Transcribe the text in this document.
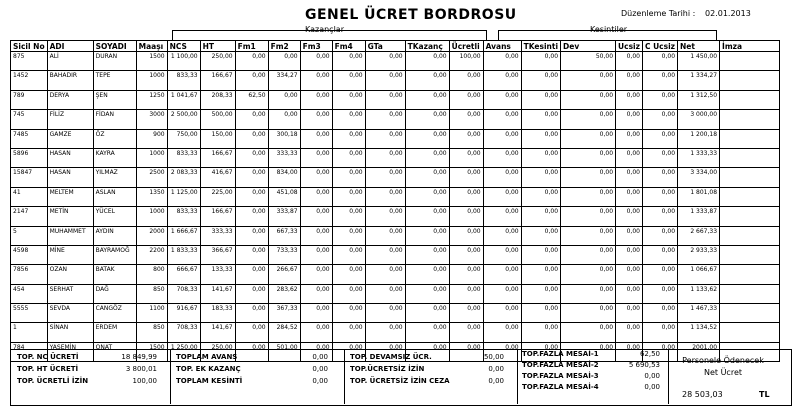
GENEL ÜCRET BORDROSU	Düzenleme Tarihi : 02.01.2013
Kazançlar	Kesintiler
Sicil No	ADI	SOYADI	Maaşı	NCS	HT	Fm1	Fm2	Fm3	Fm4	GTa	TKazanç	Ücretli	Avans	TKesinti	Dev	Ucsiz	C Ucsiz	Net	İmza
875	ALİ	DURAN	1500	1 100,00	250,00	0,00	0,00	0,00	0,00	0,00	0,00	100,00	0,00	0,00	50,00	0,00	0,00	1 450,00	
1452	BAHADIR	TEPE	1000	833,33	166,67	0,00	334,27	0,00	0,00	0,00	0,00	0,00	0,00	0,00	0,00	0,00	0,00	1 334,27	
789	DERYA	ŞEN	1250	1 041,67	208,33	62,50	0,00	0,00	0,00	0,00	0,00	0,00	0,00	0,00	0,00	0,00	0,00	1 312,50	
745	FİLİZ	FİDAN	3000	2 500,00	500,00	0,00	0,00	0,00	0,00	0,00	0,00	0,00	0,00	0,00	0,00	0,00	0,00	3 000,00	
7485	GAMZE	ÖZ	900	750,00	150,00	0,00	300,18	0,00	0,00	0,00	0,00	0,00	0,00	0,00	0,00	0,00	0,00	1 200,18	
5896	HASAN	KAYRA	1000	833,33	166,67	0,00	333,33	0,00	0,00	0,00	0,00	0,00	0,00	0,00	0,00	0,00	0,00	1 333,33	
15847	HASAN	YILMAZ	2500	2 083,33	416,67	0,00	834,00	0,00	0,00	0,00	0,00	0,00	0,00	0,00	0,00	0,00	0,00	3 334,00	
41	MELTEM	ASLAN	1350	1 125,00	225,00	0,00	451,08	0,00	0,00	0,00	0,00	0,00	0,00	0,00	0,00	0,00	0,00	1 801,08	
2147	METİN	YÜCEL	1000	833,33	166,67	0,00	333,87	0,00	0,00	0,00	0,00	0,00	0,00	0,00	0,00	0,00	0,00	1 333,87	
5	MUHAMMET	AYDIN	2000	1 666,67	333,33	0,00	667,33	0,00	0,00	0,00	0,00	0,00	0,00	0,00	0,00	0,00	0,00	2 667,33	
4598	MİNE	BAYRAMOĞ	2200	1 833,33	366,67	0,00	733,33	0,00	0,00	0,00	0,00	0,00	0,00	0,00	0,00	0,00	0,00	2 933,33	
7856	OZAN	BATAK	800	666,67	133,33	0,00	266,67	0,00	0,00	0,00	0,00	0,00	0,00	0,00	0,00	0,00	0,00	1 066,67	
454	SERHAT	DAĞ	850	708,33	141,67	0,00	283,62	0,00	0,00	0,00	0,00	0,00	0,00	0,00	0,00	0,00	0,00	1 133,62	
5555	SEVDA	CANGÖZ	1100	916,67	183,33	0,00	367,33	0,00	0,00	0,00	0,00	0,00	0,00	0,00	0,00	0,00	0,00	1 467,33	
1	SİNAN	ERDEM	850	708,33	141,67	0,00	284,52	0,00	0,00	0,00	0,00	0,00	0,00	0,00	0,00	0,00	0,00	1 134,52	
784	YASEMİN	ONAT	1500	1 250,00	250,00	0,00	501,00	0,00	0,00	0,00	0,00	0,00	0,00	0,00	0,00	0,00	0,00	2001,00	
TOP. NC ÜCRETİ	18 849,99
TOP. HT ÜCRETİ	3 800,01
TOP. ÜCRETLİ İZİN	100,00
TOPLAM AVANS	0,00
TOP. EK KAZANÇ	0,00
TOPLAM KESİNTİ	0,00
TOP. DEVAMSIZ ÜCR.	50,00
TOP.ÜCRETSİZ İZİN	0,00
TOP. ÜCRETSİZ İZİN CEZA	0,00
TOP.FAZLA MESAİ-1	62,50
TOP.FAZLA MESAİ-2	5 690,53
TOP.FAZLA MESAİ-3	0,00
TOP.FAZLA MESAİ-4	0,00
Personele Ödenecek
Net Ücret
28 503,03	TL
